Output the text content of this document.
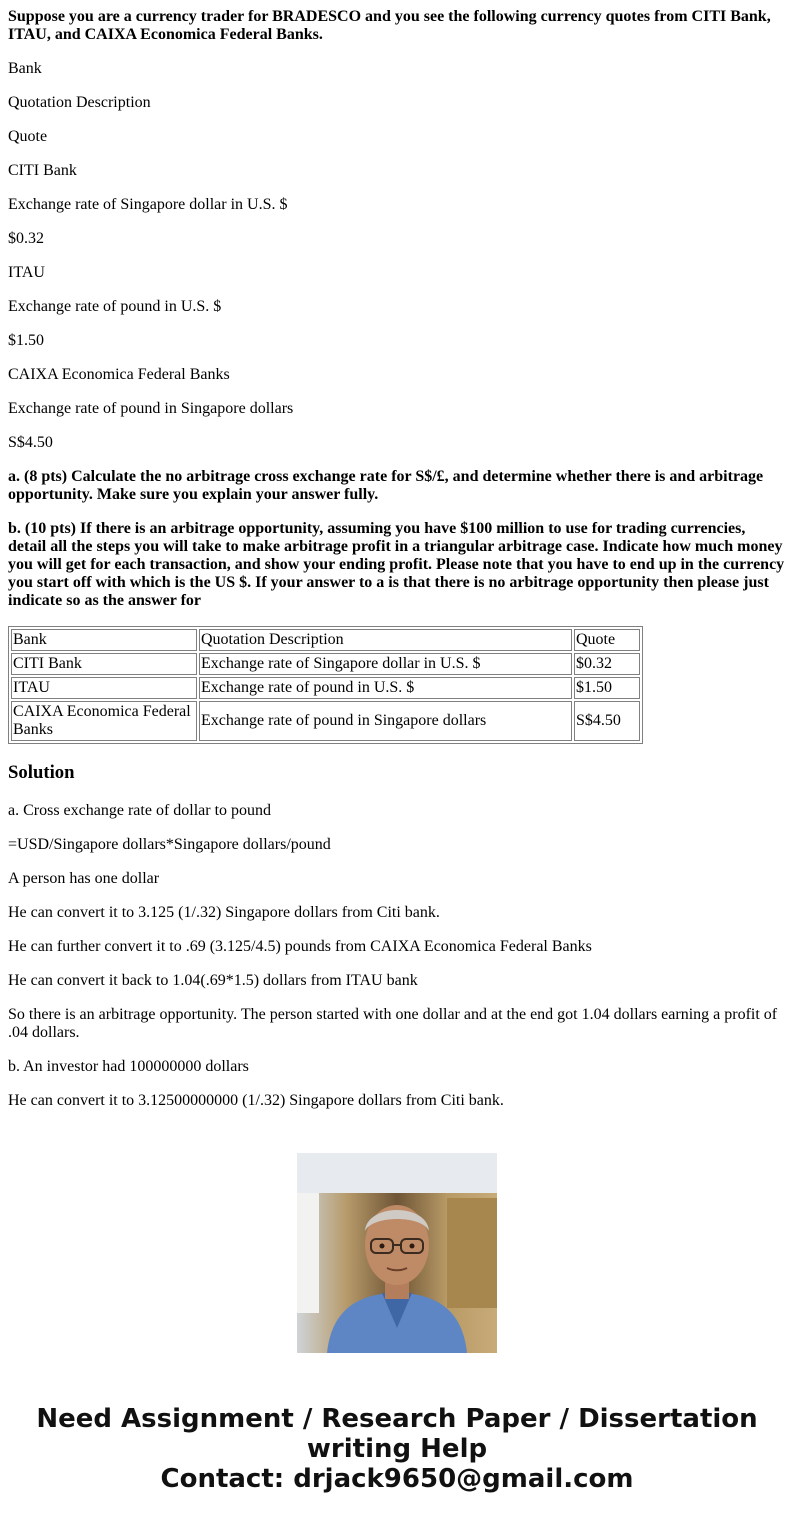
Suppose you are a currency trader for BRADESCO and you see the following currency quotes from CITI Bank, ITAU, and CAIXA Economica Federal Banks.

Bank

Quotation Description

Quote

CITI Bank

Exchange rate of Singapore dollar in U.S. $

$0.32

ITAU

Exchange rate of pound in U.S. $

$1.50

CAIXA Economica Federal Banks

Exchange rate of pound in Singapore dollars

S$4.50

a. (8 pts) Calculate the no arbitrage cross exchange rate for S$/£, and determine whether there is and arbitrage opportunity. Make sure you explain your answer fully.

b. (10 pts) If there is an arbitrage opportunity, assuming you have $100 million to use for trading currencies, detail all the steps you will take to make arbitrage profit in a triangular arbitrage case. Indicate how much money you will get for each transaction, and show your ending profit. Please note that you have to end up in the currency you start off with which is the US $. If your answer to a is that there is no arbitrage opportunity then please just indicate so as the answer for

Bank	Quotation Description	Quote
CITI Bank	Exchange rate of Singapore dollar in U.S. $	$0.32
ITAU	Exchange rate of pound in U.S. $	$1.50
CAIXA Economica Federal Banks	Exchange rate of pound in Singapore dollars	S$4.50
Solution

a. Cross exchange rate of dollar to pound

=USD/Singapore dollars*Singapore dollars/pound

A person has one dollar

He can convert it to 3.125 (1/.32) Singapore dollars from Citi bank.

He can further convert it to .69 (3.125/4.5) pounds from CAIXA Economica Federal Banks

He can convert it back to 1.04(.69*1.5) dollars from ITAU bank

So there is an arbitrage opportunity. The person started with one dollar and at the end got 1.04 dollars earning a profit of .04 dollars.

b. An investor had 100000000 dollars

He can convert it to 3.12500000000 (1/.32) Singapore dollars from Citi bank.

Need Assignment / Research Paper / Dissertation
writing Help
Contact: drjack9650@gmail.com
